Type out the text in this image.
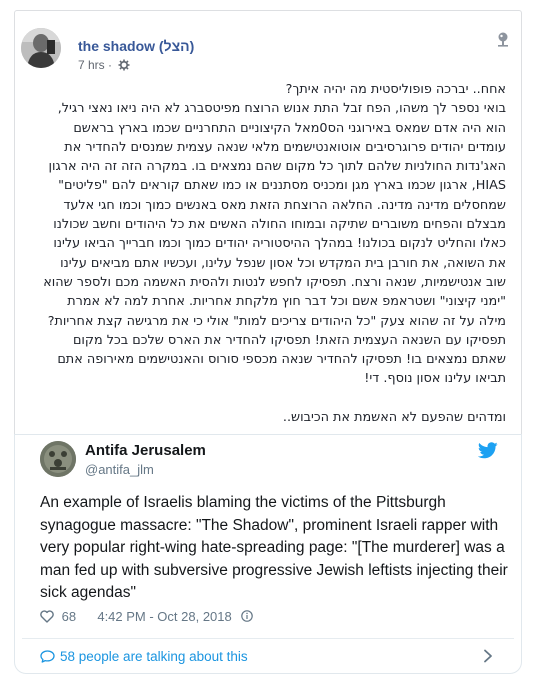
the shadow (הצל)
7 hrs ·

אחח.. יברכה פופוליסטית מה יהיה איתך?

בואי נספר לך משהו, הפח זבל התת אנוש הרוצח מפיטסברג לא היה ניאו נאצי רגיל, הוא היה אדם שמאס באירוגני הס0מאל הקיצוניים התחרניים שכמו בארץ בראשם עומדים יהודים פרוגרסיבים אוטואנטישמים מלאי שנאה עצמית שמנסים להחדיר את האג'נדות החולניות שלהם לתוך כל מקום שהם נמצאים בו. במקרה הזה זה היה ארגון HIAS, ארגון שכמו בארץ מגן ומכניס מסתננים או כמו שאתם קוראים להם "פליטים" שמחסלים מדינה מדינה. החלאה הרוצחת הזאת מאס באנשים כמוך וכמו חגי אלעד מבצלם והפחים משוברים שתיקה ובמוחו החולה האשים את כל היהודים וחשב שכולנו כאלו והחליט לנקום בכולנו! במהלך ההיסטוריה יהודים כמוך וכמו חברייך הביאו עלינו את השואה, את חורבן בית המקדש וכל אסון שנפל עלינו, ועכשיו אתם מביאים עלינו שוב אנטישמיות, שנאה ורצח. תפסיקו לחפש לנטות ולהסית האשמה מכם ולספר שהוא "ימני קיצוני" ושטראמפ אשם וכל דבר חוץ מלקחת אחריות. אחרת למה לא אמרת מילה על זה שהוא צעק "כל היהודים צריכים למות" אולי כי את מרגישה קצת אחריות?

תפסיקו עם השנאה העצמית הזאת! תפסיקו להחדיר את הארס שלכם בכל מקום שאתם נמצאים בו! תפסיקו להחדיר שנאה מכספי סורוס והאנטישמים מאירופה אתם תביאו עלינו אסון נוסף. די!

ומדהים שהפעם לא האשמת את הכיבוש..

Antifa Jerusalem
@antifa_jlm
An example of Israelis blaming the victims of the Pittsburgh synagogue massacre: "The Shadow", prominent Israeli rapper with very popular right-wing hate-spreading page: "[The murderer] was a man fed up with subversive progressive Jewish leftists injecting their sick agendas"
68 4:42 PM - Oct 28, 2018
58 people are talking about this
